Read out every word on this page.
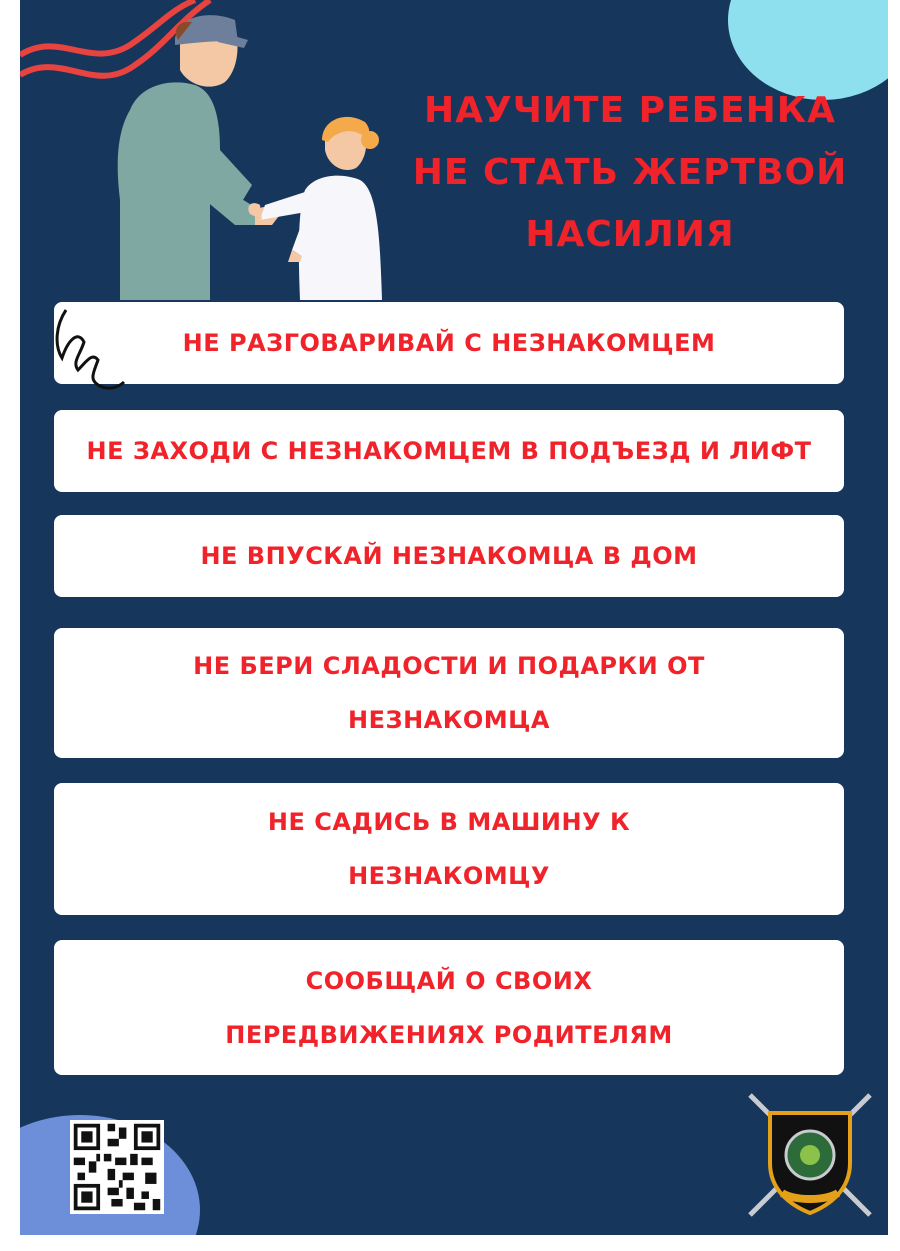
НАУЧИТЕ РЕБЕНКА
НЕ СТАТЬ ЖЕРТВОЙ
НАСИЛИЯ
НЕ РАЗГОВАРИВАЙ С НЕЗНАКОМЦЕМ
НЕ ЗАХОДИ С НЕЗНАКОМЦЕМ В ПОДЪЕЗД И ЛИФТ
НЕ ВПУСКАЙ НЕЗНАКОМЦА В ДОМ
НЕ БЕРИ СЛАДОСТИ И ПОДАРКИ ОТ
НЕЗНАКОМЦА
НЕ САДИСЬ В МАШИНУ К
НЕЗНАКОМЦУ
СООБЩАЙ О СВОИХ
ПЕРЕДВИЖЕНИЯХ РОДИТЕЛЯМ
